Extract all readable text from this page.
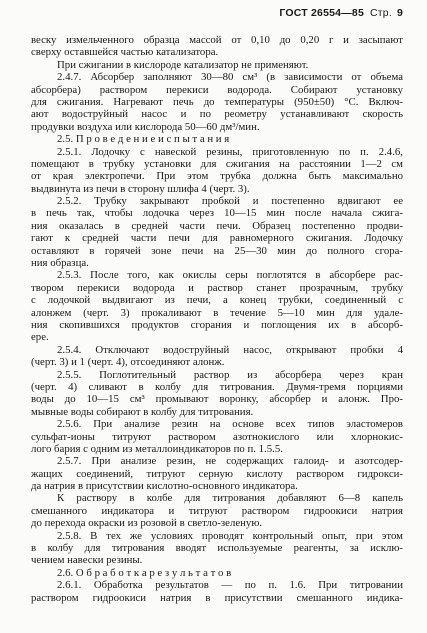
ГОСТ 26554—85 Стр. 9
веску измельченного образца массой от 0,10 до 0,20 г и засыпают
сверху оставшейся частью катализатора.
При сжигании в кислороде катализатор не применяют.
2.4.7. Абсорбер заполняют 30—80 см³ (в зависимости от объема
абсорбера) раствором перекиси водорода. Собирают установку
для сжигания. Нагревают печь до температуры (950±50) °С. Включ-
ают водоструйный насос и по реометру устанавливают скорость
продувки воздуха или кислорода 50—60 дм³/мин.
2.5. П р о в е д е н и е и с п ы т а н и я
2.5.1. Лодочку с навеской резины, приготовленную по п. 2.4.6,
помещают в трубку установки для сжигания на расстоянии 1—2 см
от края электропечи. При этом трубка должна быть максимально
выдвинута из печи в сторону шлифа 4 (черт. 3).
2.5.2. Трубку закрывают пробкой и постепенно вдвигают ее
в печь так, чтобы лодочка через 10—15 мин после начала сжига-
ния оказалась в средней части печи. Образец постепенно продви-
гают к средней части печи для равномерного сжигания. Лодочку
оставляют в горячей зоне печи на 25—30 мин до полного сгора-
ния образца.
2.5.3. После того, как окислы серы поглотятся в абсорбере рас-
твором перекиси водорода и раствор станет прозрачным, трубку
с лодочкой выдвигают из печи, а конец трубки, соединенный с
алонжем (черт. 3) прокаливают в течение 5—10 мин для удале-
ния скопившихся продуктов сгорания и поглощения их в абсорб-
ере.
2.5.4. Отключают водоструйный насос, открывают пробки 4
(черт. 3) и 1 (черт. 4), отсоединяют алонж.
2.5.5. Поглотительный раствор из абсорбера через кран
(черт. 4) сливают в колбу для титрования. Двумя-тремя порциями
воды до 10—15 см³ промывают воронку, абсорбер и алонж. Про-
мывные воды собирают в колбу для титрования.
2.5.6. При анализе резин на основе всех типов эластомеров
сульфат-ионы титруют раствором азотнокислого или хлорнокис-
лого бария с одним из металлоиндикаторов по п. 1.5.5.
2.5.7. При анализе резин, не содержащих галоид- и азотсодер-
жащих соединений, титруют серную кислоту раствором гидрокси-
да натрия в присутствии кислотно-основного индикатора.
К раствору в колбе для титрования добавляют 6—8 капель
смешанного индикатора и титруют раствором гидроокиси натрия
до перехода окраски из розовой в светло-зеленую.
2.5.8. В тех же условиях проводят контрольный опыт, при этом
в колбу для титрования вводят используемые реагенты, за исклю-
чением навески резины.
2.6. О б р а б о т к а р е з у л ь т а т о в
2.6.1. Обработка результатов — по п. 1.6. При титровании
раствором гидроокиси натрия в присутствии смешанного индика-
